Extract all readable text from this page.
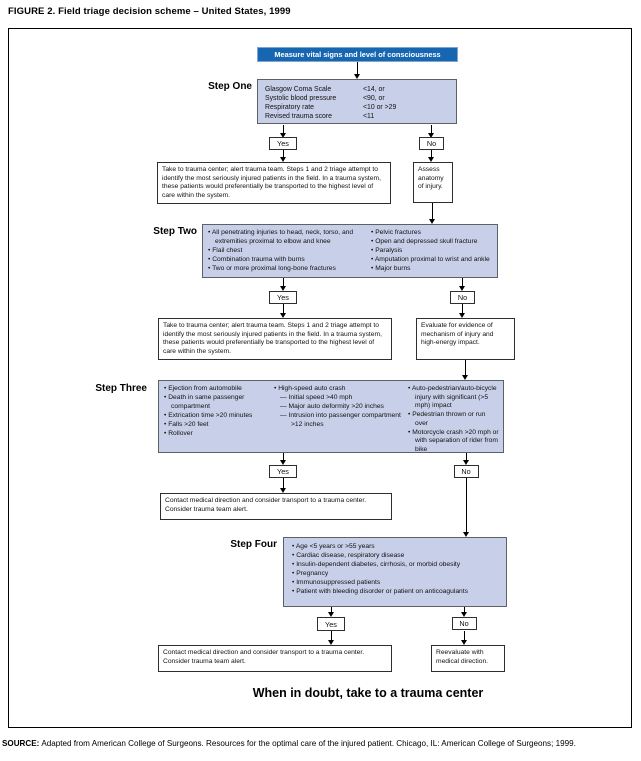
FIGURE 2. Field triage decision scheme – United States, 1999
Measure vital signs and level of consciousness
Step One Glasgow Coma Scale	<14, or
Systolic blood pressure	<90, or
Respiratory rate	<10 or >29
Revised trauma score	<11
Yes	No
Take to trauma center; alert trauma team. Steps 1 and 2 triage attempt to identify the most seriously injured patients in the field. In a trauma system, these patients would preferentially be transported to the highest level of care within the system.
Assess anatomy of injury.
Step Two	• All penetrating injuries to head, neck, torso, and extremities proximal to elbow and knee
• Flail chest
• Combination trauma with burns
• Two or more proximal long-bone fractures
• Pelvic fractures
• Open and depressed skull fracture
• Paralysis
• Amputation proximal to wrist and ankle
• Major burns
Yes	No
Take to trauma center; alert trauma team. Steps 1 and 2 triage attempt to identify the most seriously injured patients in the field. In a trauma system, these patients would preferentially be transported to the highest level of care within the system.
Evaluate for evidence of mechanism of injury and high-energy impact.
Step Three	• Ejection from automobile
• Death in same passenger compartment
• Extrication time >20 minutes
• Falls >20 feet
• Rollover
• High-speed auto crash
— Initial speed >40 mph
— Major auto deformity >20 inches
— Intrusion into passenger compartment >12 inches
• Auto-pedestrian/auto-bicycle injury with significant (>5 mph) impact
• Pedestrian thrown or run over
• Motorcycle crash >20 mph or with separation of rider from bike
Yes	No
Contact medical direction and consider transport to a trauma center.
Consider trauma team alert.
Step Four	• Age <5 years or >55 years
• Cardiac disease, respiratory disease
• Insulin-dependent diabetes, cirrhosis, or morbid obesity
• Pregnancy
• Immunosuppressed patients
• Patient with bleeding disorder or patient on anticoagulants
Yes	No
Contact medical direction and consider transport to a trauma center.
Consider trauma team alert.
Reevaluate with medical direction.
When in doubt, take to a trauma center
SOURCE: Adapted from American College of Surgeons. Resources for the optimal care of the injured patient. Chicago, IL: American College of Surgeons; 1999.
